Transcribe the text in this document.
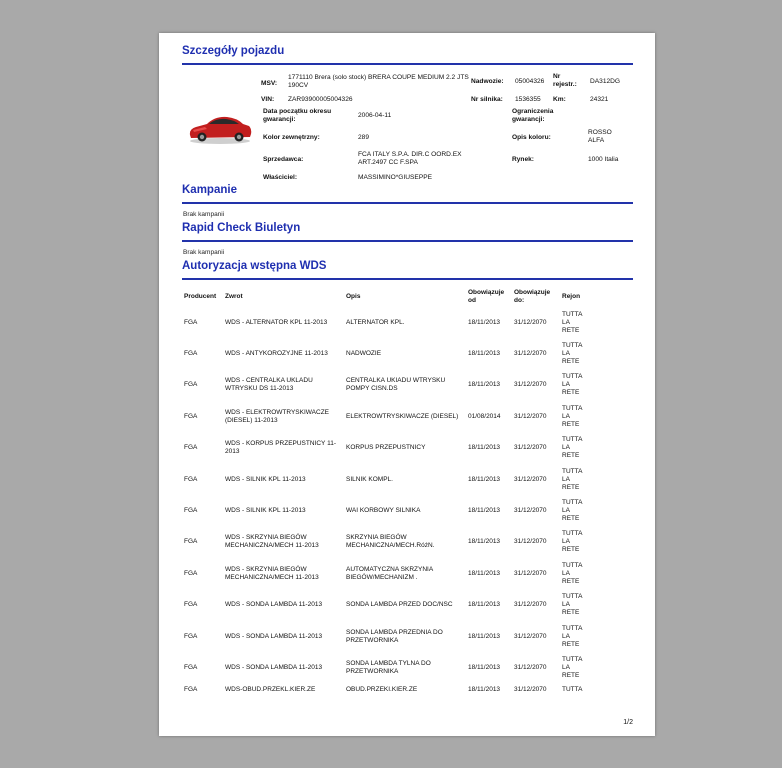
Szczegóły pojazdu
MSV:
1771110 Brera (solo stock) BRERA COUPE MEDIUM 2.2 JTS 190CV
Nadwozie: 05004326
Nr rejestr.:	DA312DG
VIN: ZAR93900005004326	Nr silnika: 1536355 Km:	24321
Data początku okresu gwarancji:
2006-04-11
Ograniczenia gwarancji:
Kolor zewnętrzny:	289	Opis koloru:
ROSSO ALFA
Sprzedawca:
FCA ITALY S.P.A. DIR.C OORD.EX ART.2497 CC F.SPA	Rynek:	1000 Italia
Właściciel:	MASSIMINO*GIUSEPPE
Kampanie
Brak kampanii
Rapid Check Biuletyn
Brak kampanii
Autoryzacja wstępna WDS
Producent	Zwrot	Opis	Obowiązuje od	Obowiązuje do:	Rejon
FGA	WDS - ALTERNATOR KPL 11-2013	ALTERNATOR KPL.	18/11/2013	31/12/2070	TUTTA LA RETE
FGA	WDS - ANTYKOROZYJNE 11-2013	NADWOZIE	18/11/2013	31/12/2070	TUTTA LA RETE
FGA	WDS - CENTRALKA UKLADU WTRYSKU DS 11-2013	CENTRALKA UKIADU WTRYSKU POMPY CISN.DS	18/11/2013	31/12/2070	TUTTA LA RETE
FGA	WDS - ELEKTROWTRYSKIWACZE (DIESEL) 11-2013	ELEKTROWTRYSKIWACZE (DIESEL)	01/08/2014	31/12/2070	TUTTA LA RETE
FGA	WDS - KORPUS PRZEPUSTNICY 11-2013	KORPUS PRZEPUSTNICY	18/11/2013	31/12/2070	TUTTA LA RETE
FGA	WDS - SILNIK KPL 11-2013	SILNIK KOMPL.	18/11/2013	31/12/2070	TUTTA LA RETE
FGA	WDS - SILNIK KPL 11-2013	WAI KORBOWY SILNIKA	18/11/2013	31/12/2070	TUTTA LA RETE
FGA	WDS - SKRZYNIA BIEGÓW MECHANICZNA/MECH 11-2013	SKRZYNIA BIEGÓW MECHANICZNA/MECH.RóżN.	18/11/2013	31/12/2070	TUTTA LA RETE
FGA	WDS - SKRZYNIA BIEGÓW MECHANICZNA/MECH 11-2013	AUTOMATYCZNA SKRZYNIA BIEGÓW/MECHANIZM .	18/11/2013	31/12/2070	TUTTA LA RETE
FGA	WDS - SONDA LAMBDA 11-2013	SONDA LAMBDA PRZED DOC/NSC	18/11/2013	31/12/2070	TUTTA LA RETE
FGA	WDS - SONDA LAMBDA 11-2013	SONDA LAMBDA PRZEDNIA DO PRZETWORNIKA	18/11/2013	31/12/2070	TUTTA LA RETE
FGA	WDS - SONDA LAMBDA 11-2013	SONDA LAMBDA TYLNA DO PRZETWORNIKA	18/11/2013	31/12/2070	TUTTA LA RETE
FGA	WDS-OBUD.PRZEKL.KIER.ZE	OBUD.PRZEKI.KIER.ZE	18/11/2013	31/12/2070	TUTTA
1/2
